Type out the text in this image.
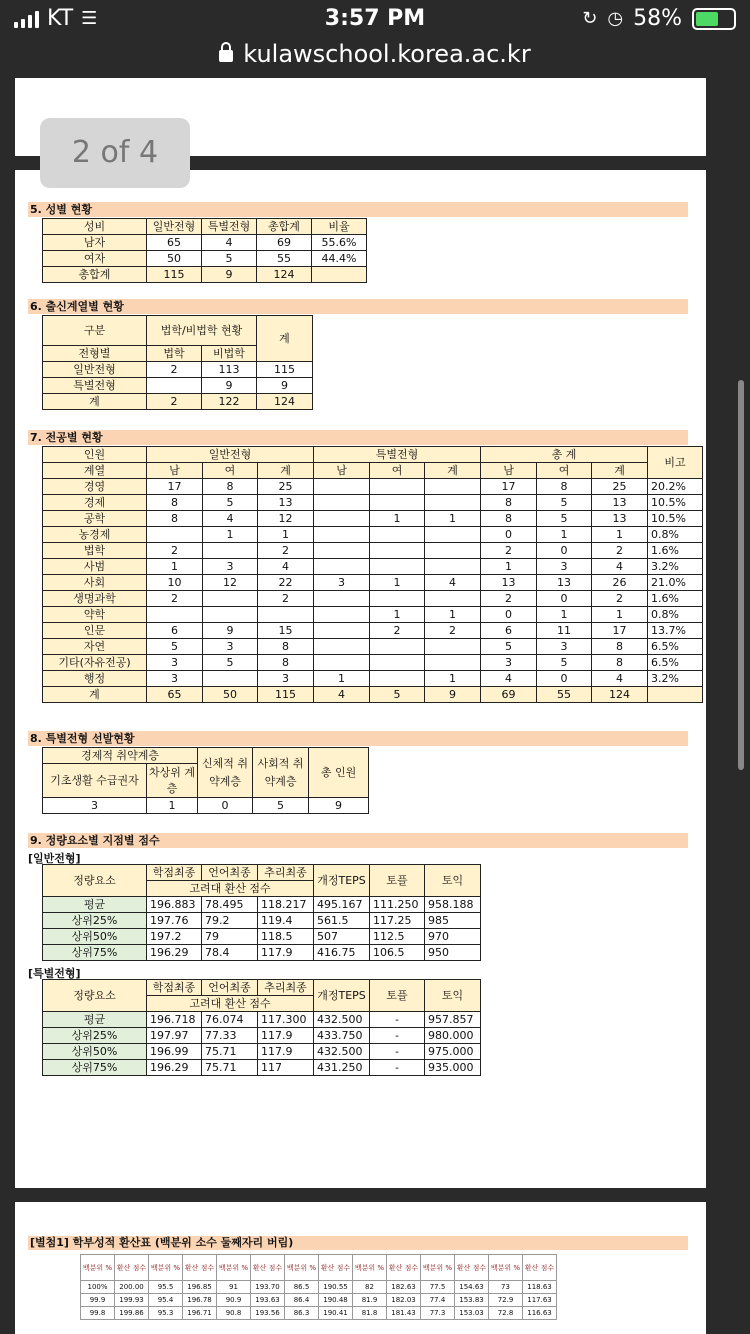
KT ☰	3:57 PM	↻ ◷ 58%
kulawschool.korea.ac.kr
2 of 4
5. 성별 현황
성비	일반전형	특별전형	총합계	비율
남자	65	4	69	55.6%
여자	50	5	55	44.4%
총합계	115	9	124	
6. 출신계열별 현황
구분	법학/비법학 현황		계
전형별	법학	비법학	
일반전형	2	113	115
특별전형		9	9
계	2	122	124
7. 전공별 현황
인원	일반전형			특별전형			총 계			비고
계열	남	여	계	남	여	계	남	여	계	
경영	17	8	25				17	8	25	20.2%
경제	8	5	13				8	5	13	10.5%
공학	8	4	12		1	1	8	5	13	10.5%
농경제		1	1				0	1	1	0.8%
법학	2		2				2	0	2	1.6%
사범	1	3	4				1	3	4	3.2%
사회	10	12	22	3	1	4	13	13	26	21.0%
생명과학	2		2				2	0	2	1.6%
약학					1	1	0	1	1	0.8%
인문	6	9	15		2	2	6	11	17	13.7%
자연	5	3	8				5	3	8	6.5%
기타(자유전공)	3	5	8				3	5	8	6.5%
행정	3		3	1		1	4	0	4	3.2%
계	65	50	115	4	5	9	69	55	124	
8. 특별전형 선발현황
경제적 취약계층		신체적 취약계층	사회적 취약계층	총 인원
기초생활 수급권자	차상위 계층			
3	1	0	5	9
9. 정량요소별 지점별 점수
[일반전형]
정량요소	학점최종	언어최종	추리최종	개정TEPS	토플	토익
	고려대 환산 점수					
평균	196.883	78.495	118.217	495.167	111.250	958.188
상위25%	197.76	79.2	119.4	561.5	117.25	985
상위50%	197.2	79	118.5	507	112.5	970
상위75%	196.29	78.4	117.9	416.75	106.5	950
[특별전형]
정량요소	학점최종	언어최종	추리최종	개정TEPS	토플	토익
	고려대 환산 점수					
평균	196.718	76.074	117.300	432.500	-	957.857
상위25%	197.97	77.33	117.9	433.750	-	980.000
상위50%	196.99	75.71	117.9	432.500	-	975.000
상위75%	196.29	75.71	117	431.250	-	935.000
[별첨1] 학부성적 환산표 (백분위 소수 둘째자리 버림)
백분위 %	환산 점수	백분위 %	환산 점수	백분위 %	환산 점수	백분위 %	환산 점수	백분위 %	환산 점수	백분위 %	환산 점수	백분위 %	환산 점수
100%	200.00	95.5	196.85	91	193.70	86.5	190.55	82	182.63	77.5	154.63	73	118.63
99.9	199.93	95.4	196.78	90.9	193.63	86.4	190.48	81.9	182.03	77.4	153.83	72.9	117.63
99.8	199.86	95.3	196.71	90.8	193.56	86.3	190.41	81.8	181.43	77.3	153.03	72.8	116.63
